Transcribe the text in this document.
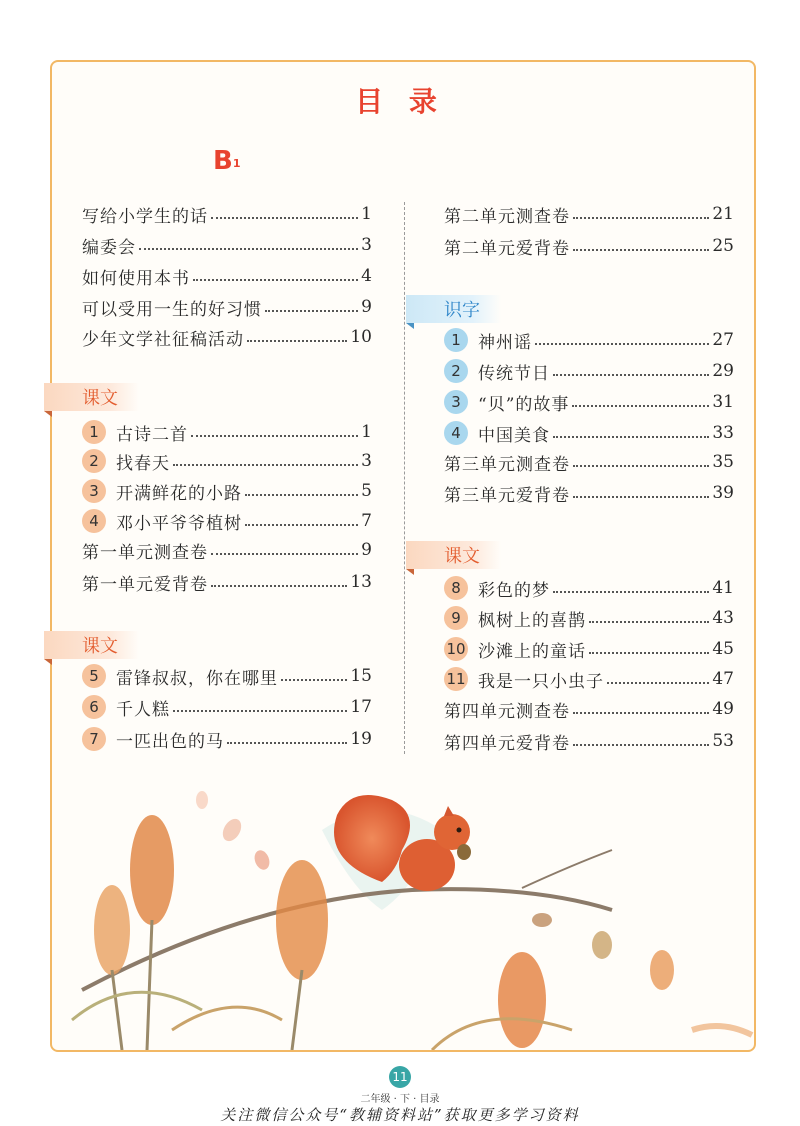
目 录
$B_1$
写给小学生的话	1
编委会	3
如何使用本书	4
可以受用一生的好习惯	9
少年文学社征稿活动	10
课文
1	古诗二首	1
2	找春天	3
3	开满鲜花的小路	5
4	邓小平爷爷植树	7
第一单元测查卷	9
第一单元爱背卷	13
课文
5	雷锋叔叔，你在哪里	15
6	千人糕	17
7	一匹出色的马	19
第二单元测查卷	21
第二单元爱背卷	25
识字
1	神州谣	27
2	传统节日	29
3	“贝”的故事	31
4	中国美食	33
第三单元测查卷	35
第三单元爱背卷	39
课文
8	彩色的梦	41
9	枫树上的喜鹊	43
10 沙滩上的童话	45
11 我是一只小虫子	47
第四单元测查卷	49
第四单元爱背卷	53
11
二年级 · 下 · 目录
关注微信公众号“教辅资料站”获取更多学习资料
